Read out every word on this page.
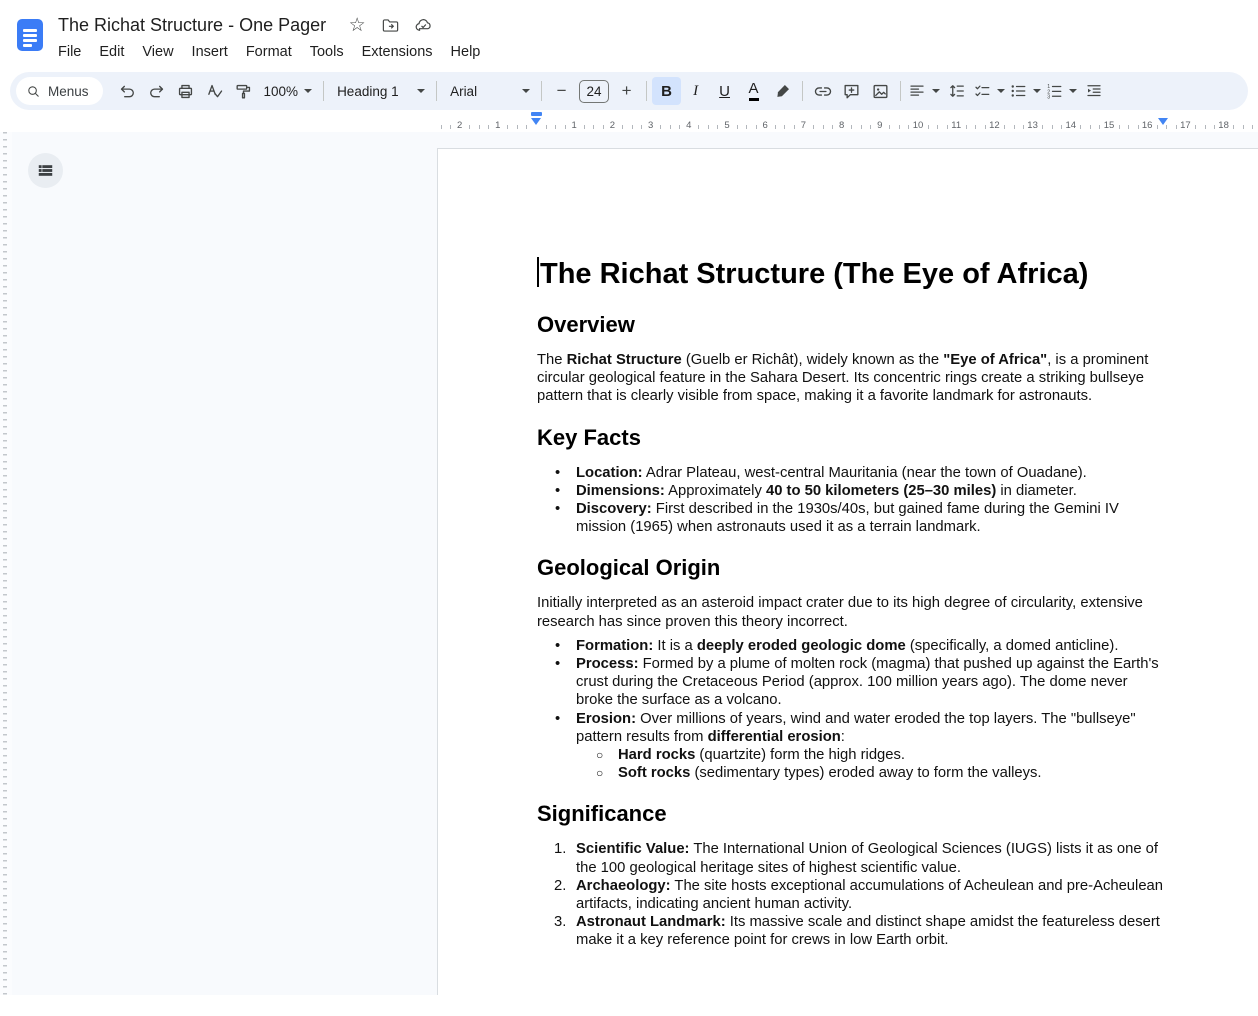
The Richat Structure - One Pager ☆
File	Edit	View	Insert	Format	Tools	Extensions	Help
Menus	100%	Heading 1	Arial	−	24	+	B I U A	1
2
3
2	1	1	2	3	4	5	6	7	8	9	10	11	12	13	14	15	16	17	18
The Richat Structure (The Eye of Africa)
Overview
The Richat Structure (Guelb er Richât), widely known as the "Eye of Africa", is a prominent circular geological feature in the Sahara Desert. Its concentric rings create a striking bullseye pattern that is clearly visible from space, making it a favorite landmark for astronauts.
Key Facts
•	Location: Adrar Plateau, west-central Mauritania (near the town of Ouadane).
•	Dimensions: Approximately 40 to 50 kilometers (25–30 miles) in diameter.
•	Discovery: First described in the 1930s/40s, but gained fame during the Gemini IV mission (1965) when astronauts used it as a terrain landmark.
Geological Origin
Initially interpreted as an asteroid impact crater due to its high degree of circularity, extensive research has since proven this theory incorrect.
•	Formation: It is a deeply eroded geologic dome (specifically, a domed anticline).
•	Process: Formed by a plume of molten rock (magma) that pushed up against the Earth's crust during the Cretaceous Period (approx. 100 million years ago). The dome never broke the surface as a volcano.
•	Erosion: Over millions of years, wind and water eroded the top layers. The "bullseye" pattern results from differential erosion:
○ Hard rocks (quartzite) form the high ridges.
○ Soft rocks (sedimentary types) eroded away to form the valleys.
Significance
1. Scientific Value: The International Union of Geological Sciences (IUGS) lists it as one of the 100 geological heritage sites of highest scientific value.
2. Archaeology: The site hosts exceptional accumulations of Acheulean and pre-Acheulean artifacts, indicating ancient human activity.
3. Astronaut Landmark: Its massive scale and distinct shape amidst the featureless desert make it a key reference point for crews in low Earth orbit.
